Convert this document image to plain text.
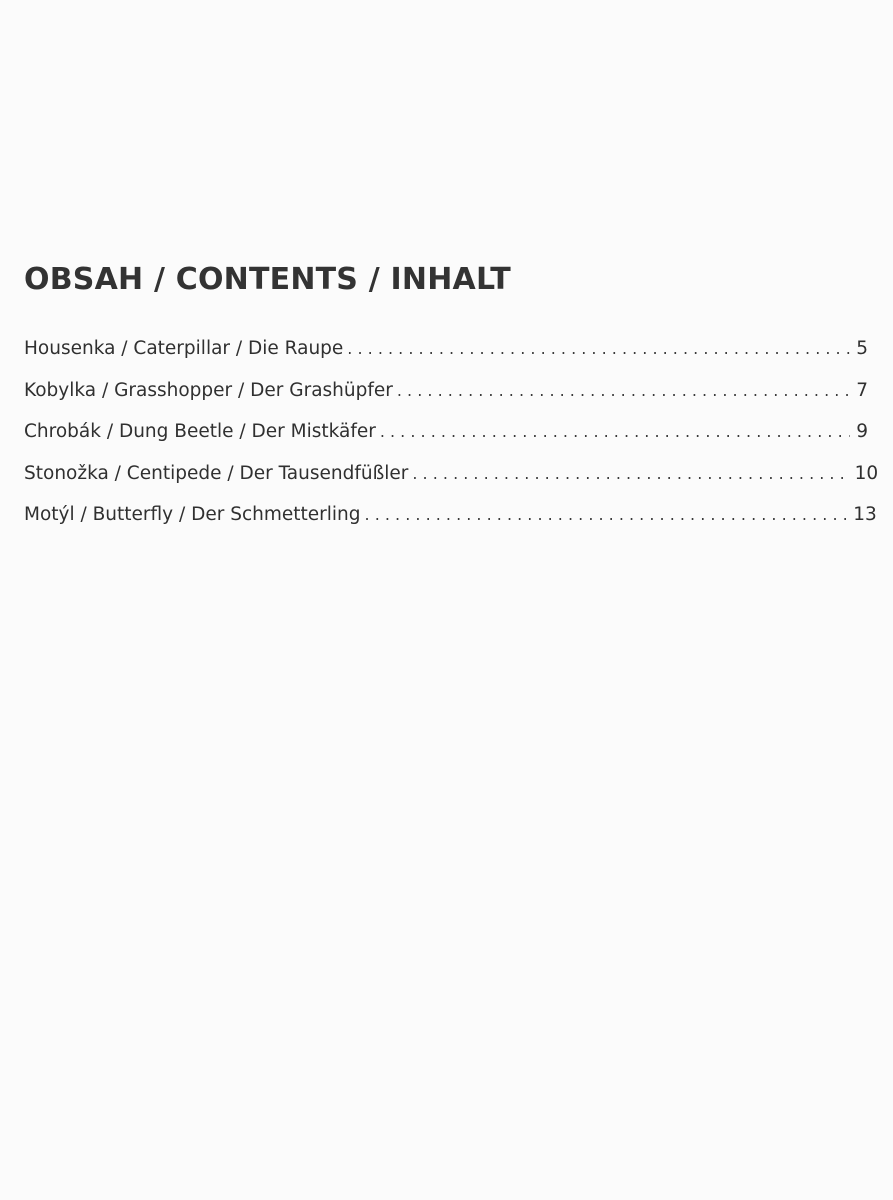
OBSAH / CONTENTS / INHALT
Housenka / Caterpillar / Die Raupe . . .	5
Kobylka / Grasshopper / Der Grashüpfer . . .	7
Chrobák / Dung Beetle / Der Mistkäfer . . .	9
Stonožka / Centipede / Der Tausendfüßler . . .	10
Motýl / Butterfly / Der Schmetterling . . .	13
